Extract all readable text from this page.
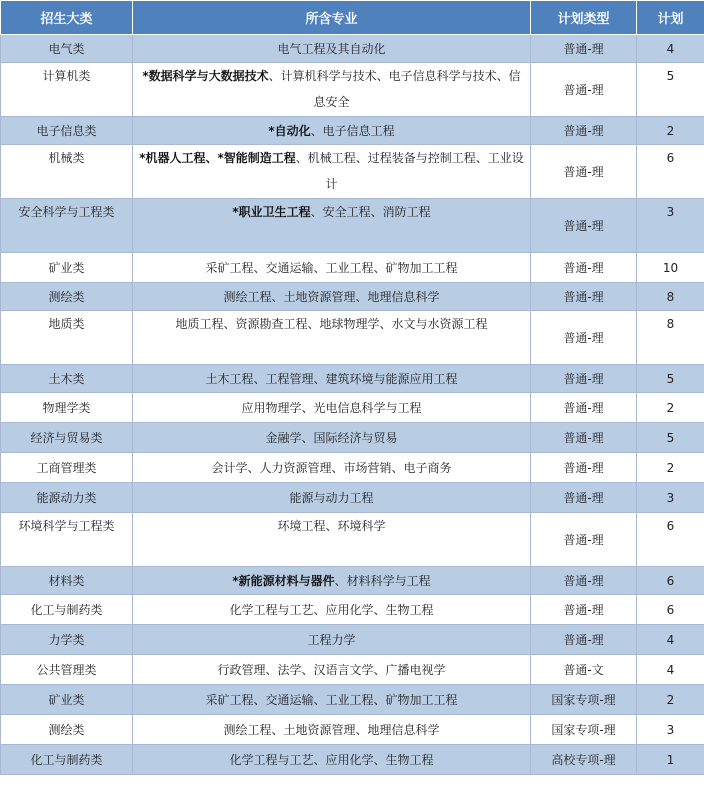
招生大类	所含专业	计划类型	计划
电气类	电气工程及其自动化	普通-理	4
计算机类	*数据科学与大数据技术、计算机科学与技术、电子信息科学与技术、信息安全	普通-理	5
电子信息类	*自动化、电子信息工程	普通-理	2
机械类	*机器人工程、*智能制造工程、机械工程、过程装备与控制工程、工业设计	普通-理	6
安全科学与工程类	*职业卫生工程、安全工程、消防工程	普通-理	3
矿业类	采矿工程、交通运输、工业工程、矿物加工工程	普通-理	10
测绘类	测绘工程、土地资源管理、地理信息科学	普通-理	8
地质类	地质工程、资源勘查工程、地球物理学、水文与水资源工程	普通-理	8
土木类	土木工程、工程管理、建筑环境与能源应用工程	普通-理	5
物理学类	应用物理学、光电信息科学与工程	普通-理	2
经济与贸易类	金融学、国际经济与贸易	普通-理	5
工商管理类	会计学、人力资源管理、市场营销、电子商务	普通-理	2
能源动力类	能源与动力工程	普通-理	3
环境科学与工程类	环境工程、环境科学	普通-理	6
材料类	*新能源材料与器件、材料科学与工程	普通-理	6
化工与制药类	化学工程与工艺、应用化学、生物工程	普通-理	6
力学类	工程力学	普通-理	4
公共管理类	行政管理、法学、汉语言文学、广播电视学	普通-文	4
矿业类	采矿工程、交通运输、工业工程、矿物加工工程	国家专项-理	2
测绘类	测绘工程、土地资源管理、地理信息科学	国家专项-理	3
化工与制药类	化学工程与工艺、应用化学、生物工程	高校专项-理	1
